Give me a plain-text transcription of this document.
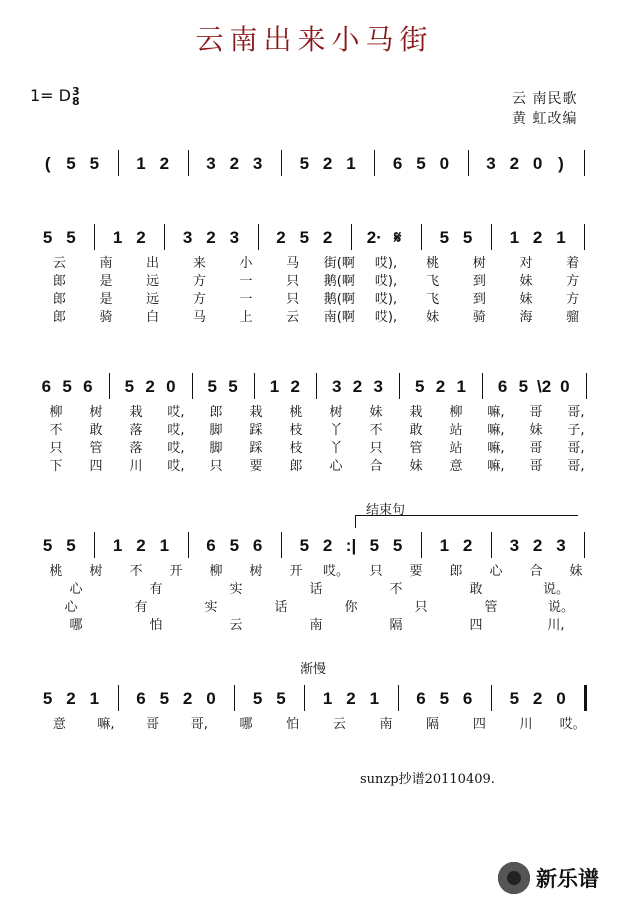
云南出来小马街
1= D3
8	云 南民歌
黄 虹改编
( 5 5 1 2 3 2 3 5 2 1 6 5 0 3 2 0 )
5 5 1 2 3 2 3 2 5 2 2· 𝄋 5 5 1 2 1
云	南	出	来	小	马 街(啊 哎), 桃	树	对	着
郎	是	远	方	一	只 鹅(啊 哎), 飞	到	妹	方
郎	是	远	方	一	只 鹅(啊 哎), 飞	到	妹	方
郎	骑	白	马	上	云 南(啊 哎), 妹	骑	海	骝
6 5 6 5 2 0 5 5 1 2 3 2 3 5 2 1 6 5 \2 0
柳 树 栽 哎, 郎 栽 桃 树 妹 栽 柳 嘛, 哥 哥,
不 敢 落 哎, 脚 踩 枝 丫 不 敢 站 嘛, 妹 子,
只 管 落 哎, 脚 踩 枝 丫 只 管 站 嘛, 哥 哥,
下 四 川 哎, 只 要 郎 心 合 妹 意 嘛, 哥 哥,
结束句
5 5 1 2 1 6 5 6 5 2 :| 5 5 1 2 3 2 3
桃 树 不 开 柳 树 开 哎。 只 要 郎 心 合 妹
心	有	实	话	不	敢	说。
心	有	实	话	你	只	管	说。
哪	怕	云	南	隔	四	川,
渐慢
5 2 1 6 5 2 0 5 5 1 2 1 6 5 6 5 2 0
意 嘛, 哥 哥, 哪	怕	云	南	隔	四	川 哎。
sunzp抄谱20110409.
新乐谱
